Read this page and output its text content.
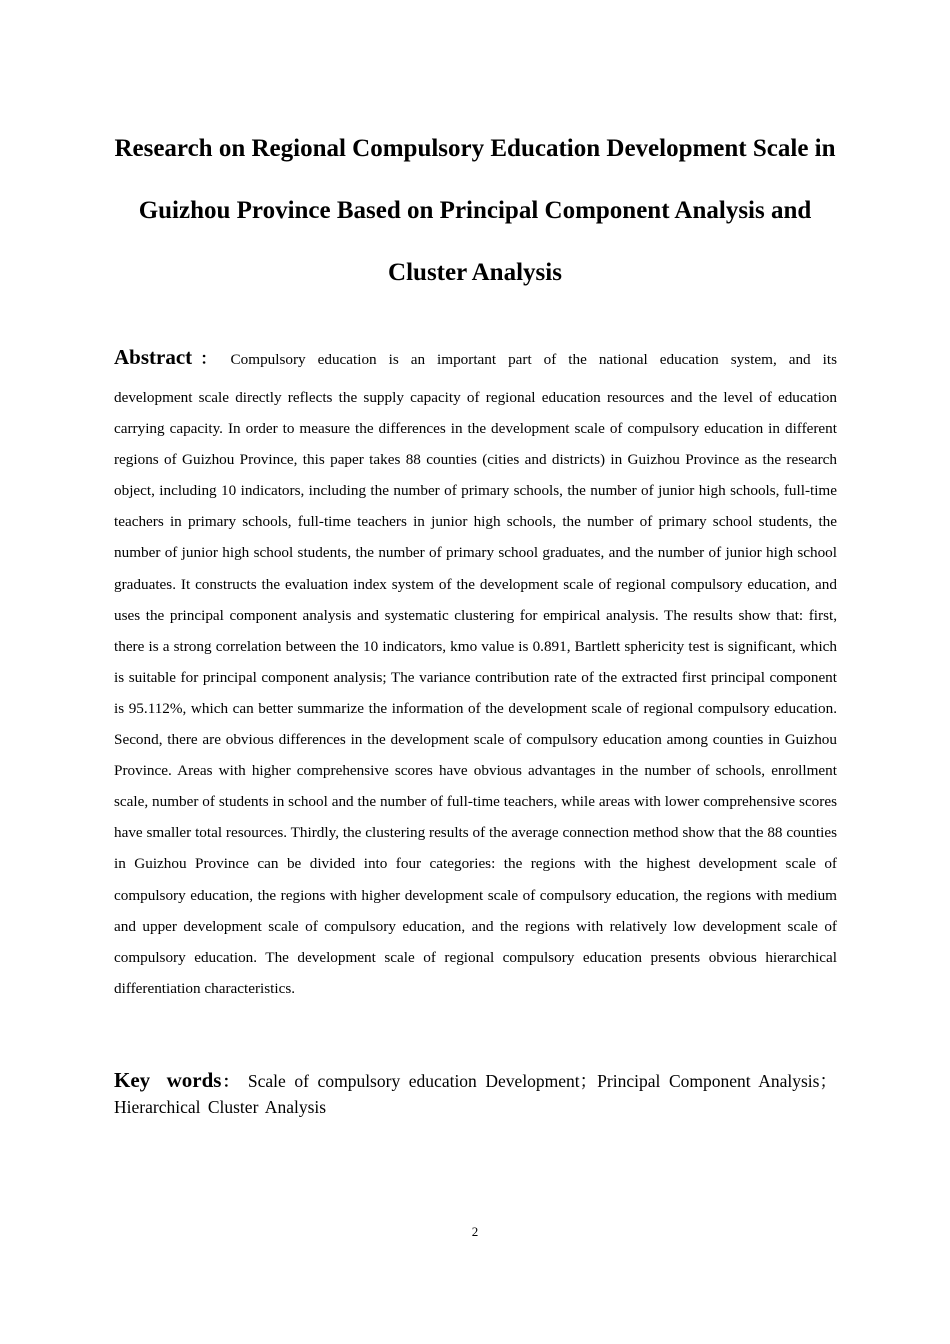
Research on Regional Compulsory Education Development Scale in Guizhou Province Based on Principal Component Analysis and Cluster Analysis

Abstract： Compulsory education is an important part of the national education system, and itsdevelopment scale directly reflects the supply capacity of regional education resources and the level of education carrying capacity. In order to measure the differences in the development scale of compulsory education in different regions of Guizhou Province, this paper takes 88 counties (cities and districts) in Guizhou Province as the research object, including 10 indicators, including the number of primary schools, the number of junior high schools, full-time teachers in primary schools, full-time teachers in junior high schools, the number of primary school students, the number of junior high school students, the number of primary school graduates, and the number of junior high school graduates. It constructs the evaluation index system of the development scale of regional compulsory education, and uses the principal component analysis and systematic clustering for empirical analysis. The results show that: first, there is a strong correlation between the 10 indicators, kmo value is 0.891, Bartlett sphericity test is significant, which is suitable for principal component analysis; The variance contribution rate of the extracted first principal component is 95.112%, which can better summarize the information of the development scale of regional compulsory education. Second, there are obvious differences in the development scale of compulsory education among counties in Guizhou Province. Areas with higher comprehensive scores have obvious advantages in the number of schools, enrollment scale, number of students in school and the number of full-time teachers, while areas with lower comprehensive scores have smaller total resources. Thirdly, the clustering results of the average connection method show that the 88 counties in Guizhou Province can be divided into four categories: the regions with the highest development scale of compulsory education, the regions with higher development scale of compulsory education, the regions with medium and upper development scale of compulsory education, and the regions with relatively low development scale of compulsory education. The development scale of regional compulsory education presents obvious hierarchical differentiation characteristics.

Key words： Scale of compulsory education Development；Principal Component Analysis；Hierarchical Cluster Analysis

2
